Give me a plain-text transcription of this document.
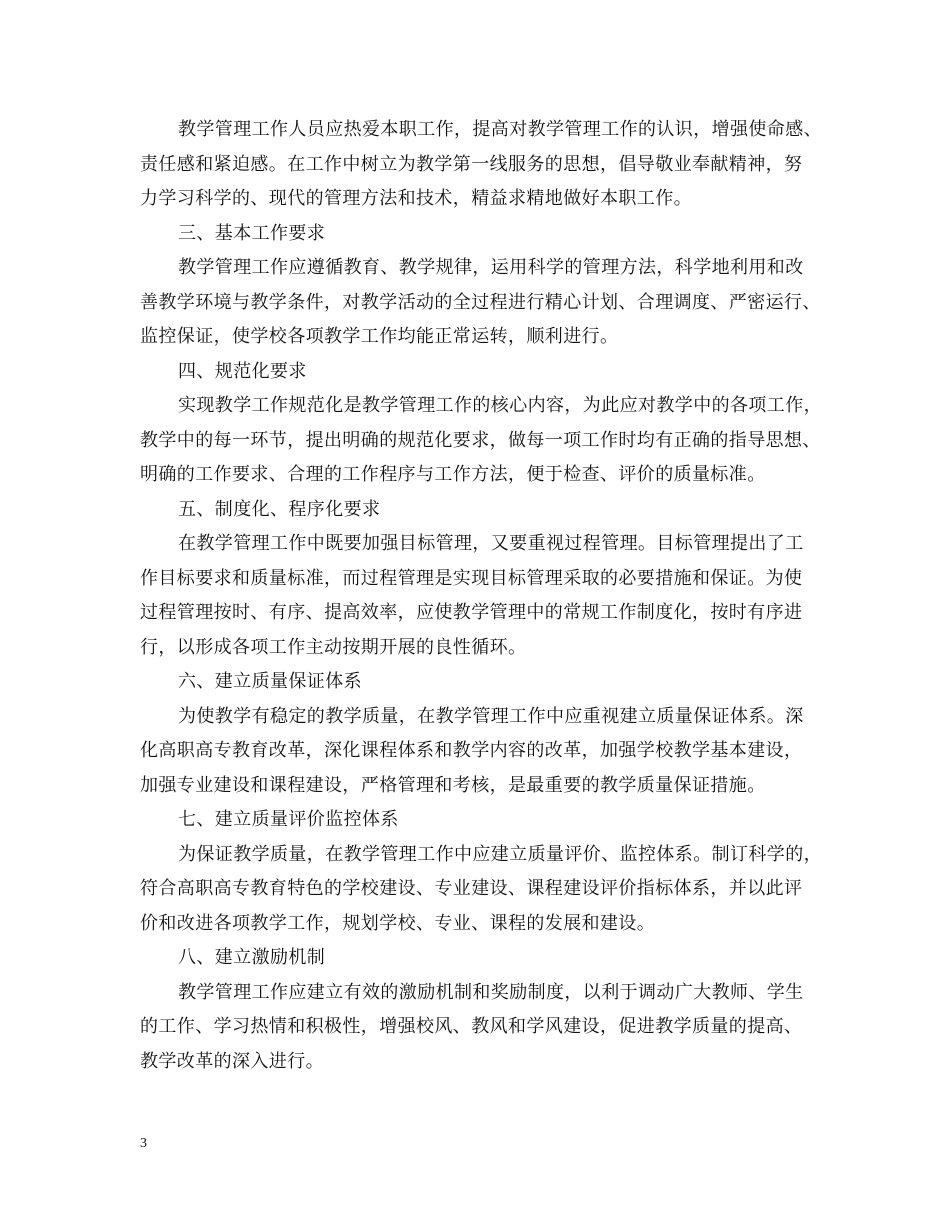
教学管理工作人员应热爱本职工作，提高对教学管理工作的认识，增强使命感、
责任感和紧迫感。在工作中树立为教学第一线服务的思想，倡导敬业奉献精神，努
力学习科学的、现代的管理方法和技术，精益求精地做好本职工作。
三、基本工作要求
教学管理工作应遵循教育、教学规律，运用科学的管理方法，科学地利用和改
善教学环境与教学条件，对教学活动的全过程进行精心计划、合理调度、严密运行、
监控保证，使学校各项教学工作均能正常运转，顺利进行。
四、规范化要求
实现教学工作规范化是教学管理工作的核心内容，为此应对教学中的各项工作，
教学中的每一环节，提出明确的规范化要求，做每一项工作时均有正确的指导思想、
明确的工作要求、合理的工作程序与工作方法，便于检查、评价的质量标准。
五、制度化、程序化要求
在教学管理工作中既要加强目标管理，又要重视过程管理。目标管理提出了工
作目标要求和质量标准，而过程管理是实现目标管理采取的必要措施和保证。为使
过程管理按时、有序、提高效率，应使教学管理中的常规工作制度化，按时有序进
行，以形成各项工作主动按期开展的良性循环。
六、建立质量保证体系
为使教学有稳定的教学质量，在教学管理工作中应重视建立质量保证体系。深
化高职高专教育改革，深化课程体系和教学内容的改革，加强学校教学基本建设，
加强专业建设和课程建设，严格管理和考核，是最重要的教学质量保证措施。
七、建立质量评价监控体系
为保证教学质量，在教学管理工作中应建立质量评价、监控体系。制订科学的，
符合高职高专教育特色的学校建设、专业建设、课程建设评价指标体系，并以此评
价和改进各项教学工作，规划学校、专业、课程的发展和建设。
八、建立激励机制
教学管理工作应建立有效的激励机制和奖励制度，以利于调动广大教师、学生
的工作、学习热情和积极性，增强校风、教风和学风建设，促进教学质量的提高、
教学改革的深入进行。
3
